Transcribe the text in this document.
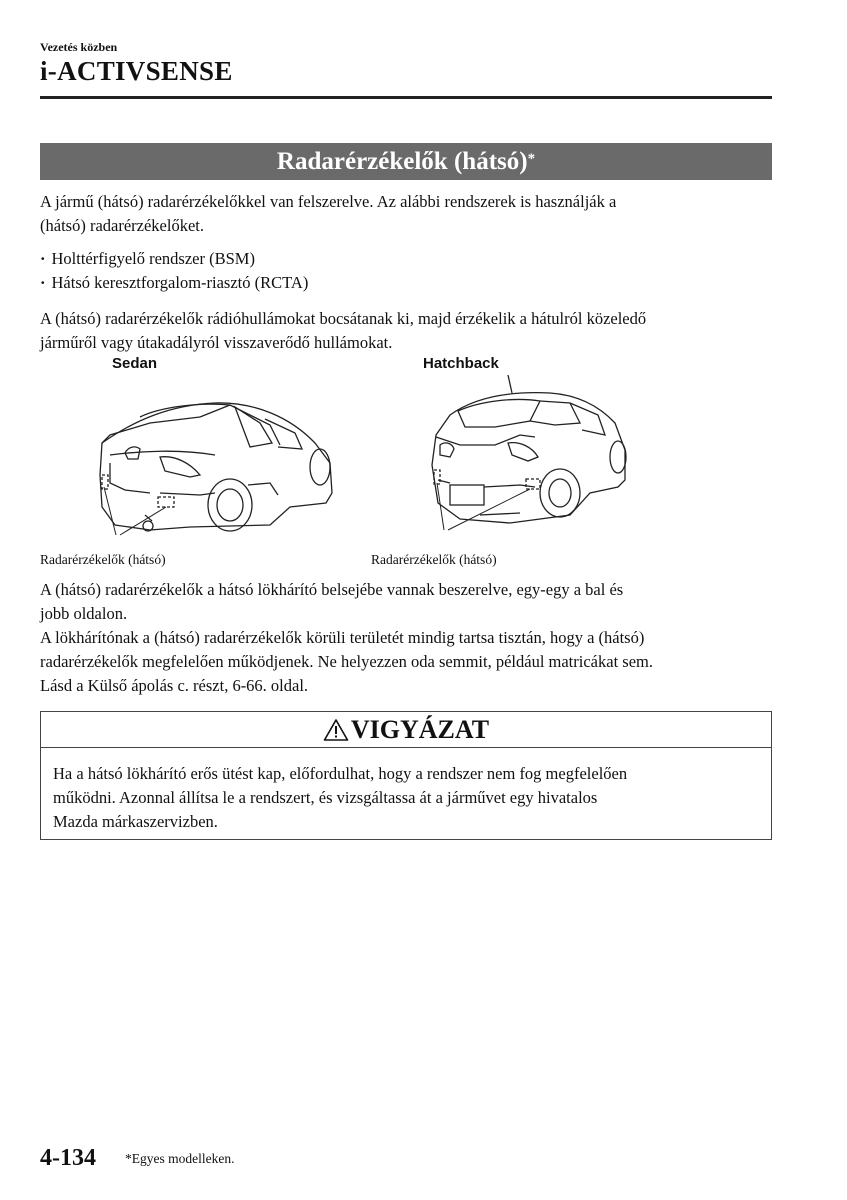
Vezetés közben
i-ACTIVSENSE
Radarérzékelők (hátsó)*
A jármű (hátsó) radarérzékelőkkel van felszerelve. Az alábbi rendszerek is használják a
(hátsó) radarérzékelőket.
· Holttérfigyelő rendszer (BSM)
· Hátsó keresztforgalom-riasztó (RCTA)
A (hátsó) radarérzékelők rádióhullámokat bocsátanak ki, majd érzékelik a hátulról közeledő
járműről vagy útakadályról visszaverődő hullámokat.
Sedan	Hatchback
Radarérzékelők (hátsó)	Radarérzékelők (hátsó)
A (hátsó) radarérzékelők a hátsó lökhárító belsejébe vannak beszerelve, egy-egy a bal és
jobb oldalon.
A lökhárítónak a (hátsó) radarérzékelők körüli területét mindig tartsa tisztán, hogy a (hátsó)
radarérzékelők megfelelően működjenek. Ne helyezzen oda semmit, például matricákat sem.
Lásd a Külső ápolás c. részt, 6-66. oldal.
VIGYÁZAT
Ha a hátsó lökhárító erős ütést kap, előfordulhat, hogy a rendszer nem fog megfelelően
működni. Azonnal állítsa le a rendszert, és vizsgáltassa át a járművet egy hivatalos
Mazda márkaszervizben.
4-134 *Egyes modelleken.
